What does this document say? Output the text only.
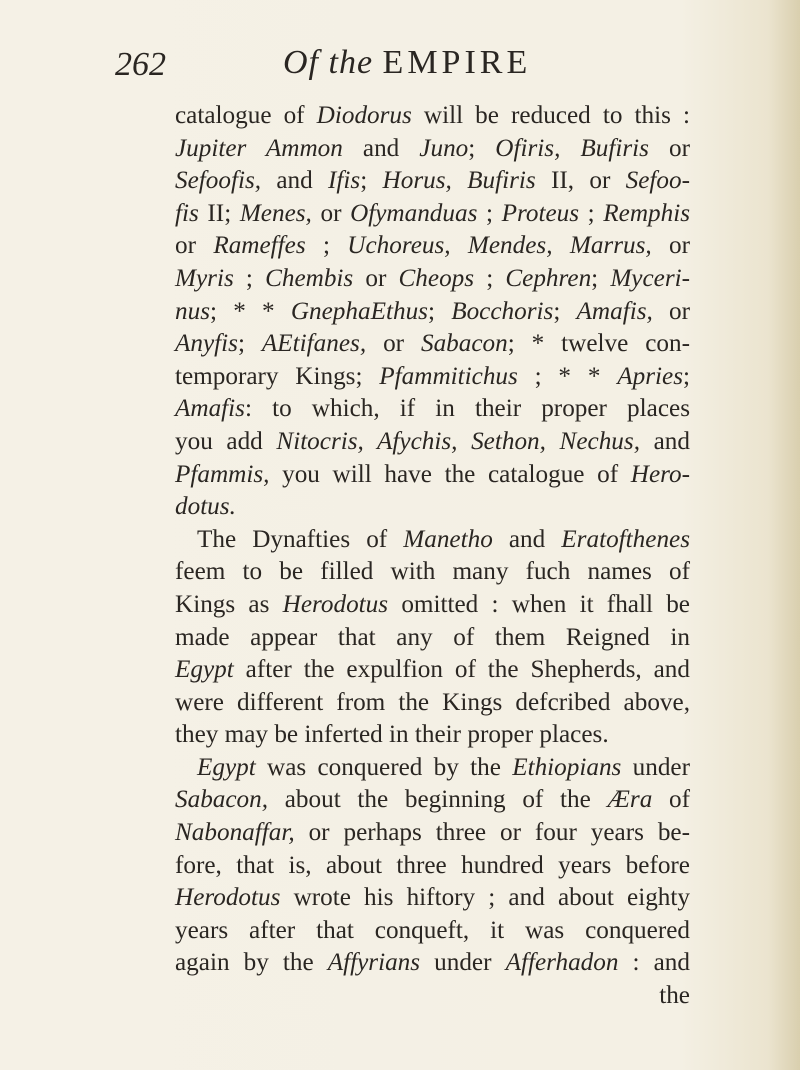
262	Of the EMPIRE
catalogue of Diodorus will be reduced to this :
Jupiter Ammon and Juno; Ofiris, Bufiris or
Sefoofis, and Ifis; Horus, Bufiris II, or Sefoo-
fis II; Menes, or Ofymanduas ; Proteus ; Remphis
or Rameffes ; Uchoreus, Mendes, Marrus, or
Myris ; Chembis or Cheops ; Cephren; Myceri-
nus; * * GnephaEthus; Bocchoris; Amafis, or
Anyfis; AEtifanes, or Sabacon; * twelve con-
temporary Kings; Pfammitichus ; * * Apries;
Amafis: to which, if in their proper places
you add Nitocris, Afychis, Sethon, Nechus, and
Pfammis, you will have the catalogue of Hero-
dotus.
The Dynafties of Manetho and Eratofthenes
feem to be filled with many fuch names of
Kings as Herodotus omitted : when it fhall be
made appear that any of them Reigned in
Egypt after the expulfion of the Shepherds, and
were different from the Kings defcribed above,
they may be inferted in their proper places.
Egypt was conquered by the Ethiopians under
Sabacon, about the beginning of the Æra of
Nabonaffar, or perhaps three or four years be-
fore, that is, about three hundred years before
Herodotus wrote his hiftory ; and about eighty
years after that conqueft, it was conquered
again by the Affyrians under Afferhadon : and
the
